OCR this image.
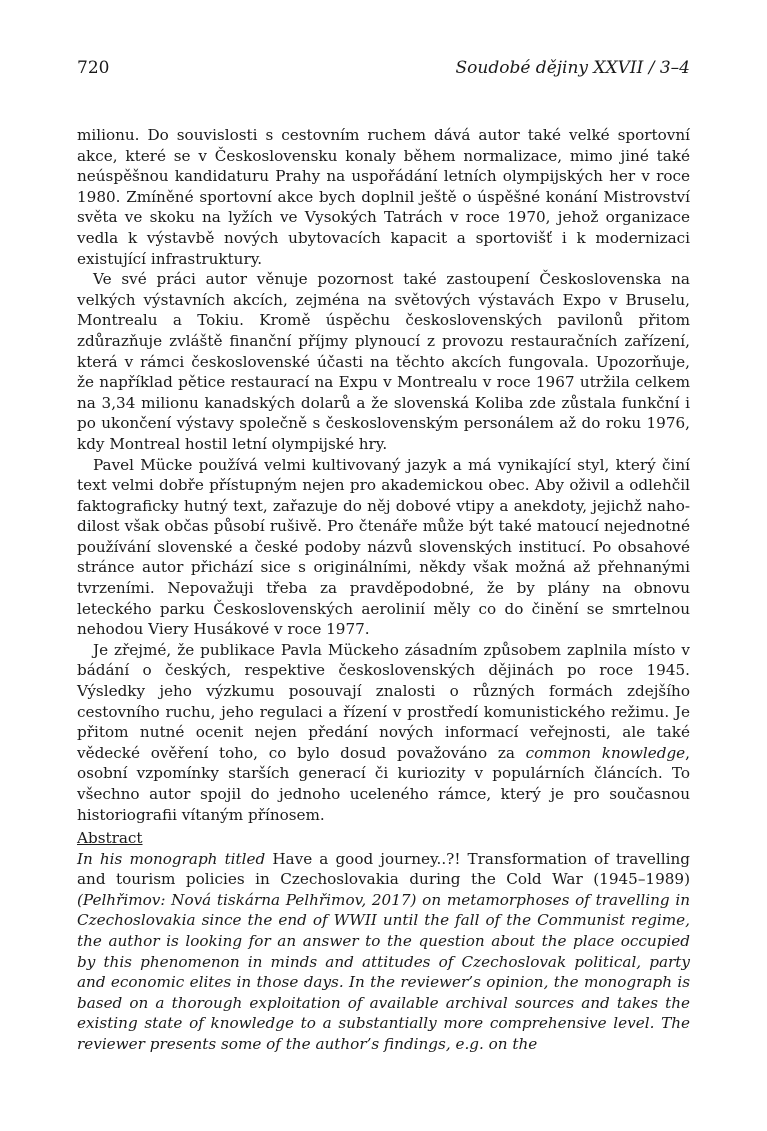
720	Soudobé dějiny XXVII / 3–4

milionu. Do souvislosti s cestovním ruchem dává autor také velké sportovní akce, které se v Československu konaly během normalizace, mimo jiné také neúspěšnou kandidaturu Prahy na uspořádání letních olympijských her v roce 1980. Zmíněné sportovní akce bych doplnil ještě o úspěšné konání Mistrovství světa ve skoku na lyžích ve Vysokých Tatrách v roce 1970, jehož organizace vedla k výstavbě nových ubytovacích kapacit a sportovišť i k modernizaci existující infrastruktury.

Ve své práci autor věnuje pozornost také zastoupení Československa na velkých výstavních akcích, zejména na světových výstavách Expo v Bruselu, Montrealu a Tokiu. Kromě úspěchu československých pavilonů přitom zdůrazňuje zvláště finanční příjmy plynoucí z provozu restauračních zařízení, která v rámci československé účasti na těchto akcích fungovala. Upozorňuje, že například pětice restaurací na Expu v Montrealu v roce 1967 utržila celkem na 3,34 milionu kanadských dolarů a že slovenská Koliba zde zůstala funkční i po ukončení výstavy společně s československým personálem až do roku 1976, kdy Montreal hostil letní olympijské hry.

Pavel Mücke používá velmi kultivovaný jazyk a má vynikající styl, který činí text velmi dobře přístupným nejen pro akademickou obec. Aby oživil a odlehčil faktograficky hutný text, zařazuje do něj dobové vtipy a anekdoty, jejichž nahodilost však občas působí rušivě. Pro čtenáře může být také matoucí nejednotné používání slovenské a české podoby názvů slovenských institucí. Po obsahové stránce autor přichází sice s originálními, někdy však možná až přehnanými tvrzeními. Nepovažuji třeba za pravděpodobné, že by plány na obnovu leteckého parku Československých aerolinií měly co do činění se smrtelnou nehodou Viery Husákové v roce 1977.

Je zřejmé, že publikace Pavla Mückeho zásadním způsobem zaplnila místo v bádání o českých, respektive československých dějinách po roce 1945. Výsledky jeho výzkumu posouvají znalosti o různých formách zdejšího cestovního ruchu, jeho regulaci a řízení v prostředí komunistického režimu. Je přitom nutné ocenit nejen předání nových informací veřejnosti, ale také vědecké ověření toho, co bylo dosud považováno za common knowledge, osobní vzpomínky starších generací či kuriozity v populárních článcích. To všechno autor spojil do jednoho uceleného rámce, který je pro současnou historiografii vítaným přínosem.

Abstract

In his monograph titled Have a good journey..?! Transformation of travelling and tourism policies in Czechoslovakia during the Cold War (1945–1989) (Pelhřimov: Nová tiskárna Pelhřimov, 2017) on metamorphoses of travelling in Czechoslovakia since the end of WWII until the fall of the Communist regime, the author is looking for an answer to the question about the place occupied by this phenomenon in minds and attitudes of Czechoslovak political, party and economic elites in those days. In the reviewer’s opinion, the monograph is based on a thorough exploitation of available archival sources and takes the existing state of knowledge to a substantially more comprehensive level. The reviewer presents some of the author’s findings, e.g. on the
